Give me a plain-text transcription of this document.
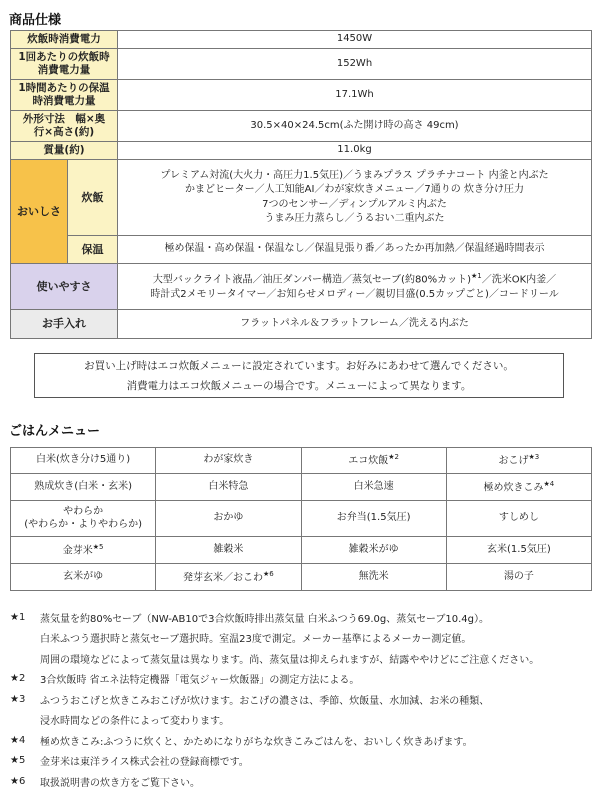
商品仕様
炊飯時消費電力		1450W
1回あたりの炊飯時
消費電力量		152Wh
1時間あたりの保温
時消費電力量		17.1Wh
外形寸法　幅×奥
行×高さ(約)		30.5×40×24.5cm(ふた開け時の高さ 49cm)
質量(約)		11.0kg
おいしさ	炊飯	プレミアム対流(大火力・高圧力1.5気圧)／うまみプラス プラチナコート 内釜と内ぶた
かまどヒーター／人工知能AI／わが家炊きメニュー／7通りの 炊き分け圧力
7つのセンサー／ディンプルアルミ内ぶた
うまみ圧力蒸らし／うるおい二重内ぶた

	保温	極め保温・高め保温・保温なし／保温見張り番／あったか再加熱／保温経過時間表示
使いやすさ		大型バックライト液晶／油圧ダンパー構造／蒸気セーブ(約80%カット)$^{★1}$／洗米OK内釜／
時計式2メモリータイマー／お知らせメロディー／親切目盛(0.5カップごと)／コードリール

お手入れ		フラットパネル＆フラットフレーム／洗える内ぶた
お買い上げ時はエコ炊飯メニューに設定されています。お好みにあわせて選んでください。
消費電力はエコ炊飯メニューの場合です。メニューによって異なります。
ごはんメニュー
白米(炊き分け5通り)	わが家炊き	エコ炊飯$^{★2}$	おこげ$^{★3}$
熟成炊き(白米・玄米)	白米特急	白米急速	極め炊きこみ$^{★4}$
やわらか
(やわらか・よりやわらか)	おかゆ	お弁当(1.5気圧)	すしめし
金芽米$^{★5}$	雑穀米	雑穀米がゆ	玄米(1.5気圧)
玄米がゆ	発芽玄米／おこわ$^{★6}$	無洗米	湯の子
★1	蒸気量を約80%セーブ（NW-AB10で3合炊飯時排出蒸気量 白米ふつう69.0g、蒸気セーブ10.4g）。
白米ふつう選択時と蒸気セーブ選択時。室温23度で測定。メーカー基準によるメーカー測定値。
周囲の環境などによって蒸気量は異なります。尚、蒸気量は抑えられますが、結露ややけどにご注意ください。
★2	3合炊飯時 省エネ法特定機器「電気ジャー炊飯器」の測定方法による。
★3	ふつうおこげと炊きこみおこげが炊けます。おこげの濃さは、季節、炊飯量、水加減、お米の種類、
浸水時間などの条件によって変わります。
★4	極め炊きこみ:ふつうに炊くと、かためになりがちな炊きこみごはんを、おいしく炊きあげます。
★5	金芽米は東洋ライス株式会社の登録商標です。
★6	取扱説明書の炊き方をご覧下さい。
